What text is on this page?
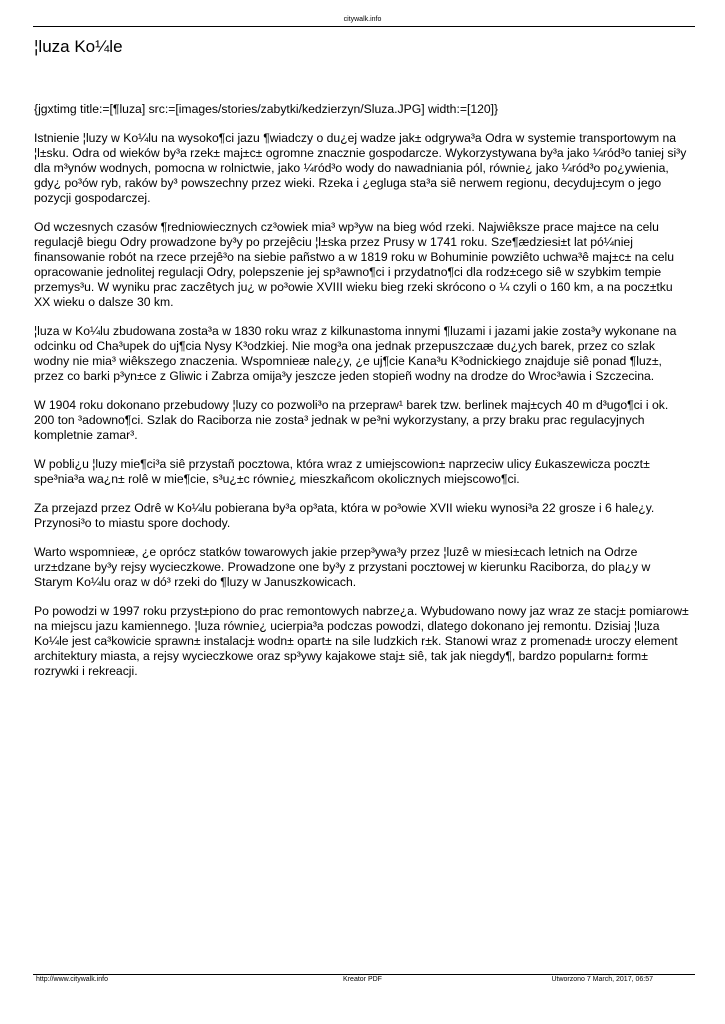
citywalk.info
¦luza Ko¼le

{jgxtimg title:=[¶luza] src:=[images/stories/zabytki/kedzierzyn/Sluza.JPG] width:=[120]}

Istnienie ¦luzy w Ko¼lu na wysoko¶ci jazu ¶wiadczy o du¿ej wadze jak± odgrywa³a Odra w systemie transportowym na ¦l±sku. Odra od wieków by³a rzek± maj±c± ogromne znacznie gospodarcze. Wykorzystywana by³a jako ¼ród³o taniej si³y dla m³ynów wodnych, pomocna w rolnictwie, jako ¼ród³o wody do nawadniania pól, równie¿ jako ¼ród³o po¿ywienia, gdy¿ po³ów ryb, raków by³ powszechny przez wieki. Rzeka i ¿egluga sta³a siê nerwem regionu, decyduj±cym o jego pozycji gospodarczej.

Od wczesnych czasów ¶redniowiecznych cz³owiek mia³ wp³yw na bieg wód rzeki. Najwiêksze prace maj±ce na celu regulacjê biegu Odry prowadzone by³y po przejêciu ¦l±ska przez Prusy w 1741 roku. Sze¶ædziesi±t lat pó¼niej finansowanie robót na rzece przejê³o na siebie pañstwo a w 1819 roku w Bohuminie powziêto uchwa³ê maj±c± na celu opracowanie jednolitej regulacji Odry, polepszenie jej sp³awno¶ci i przydatno¶ci dla rodz±cego siê w szybkim tempie przemys³u. W wyniku prac zaczêtych ju¿ w po³owie XVIII wieku bieg rzeki skrócono o ¼ czyli o 160 km, a na pocz±tku XX wieku o dalsze 30 km.

¦luza w Ko¼lu zbudowana zosta³a w 1830 roku wraz z kilkunastoma innymi ¶luzami i jazami jakie zosta³y wykonane na odcinku od Cha³upek do uj¶cia Nysy K³odzkiej. Nie mog³a ona jednak przepuszczaæ du¿ych barek, przez co szlak wodny nie mia³ wiêkszego znaczenia. Wspomnieæ nale¿y, ¿e uj¶cie Kana³u K³odnickiego znajduje siê ponad ¶luz±, przez co barki p³yn±ce z Gliwic i Zabrza omija³y jeszcze jeden stopieñ wodny na drodze do Wroc³awia i Szczecina.

W 1904 roku dokonano przebudowy ¦luzy co pozwoli³o na przepraw¹ barek tzw. berlinek maj±cych 40 m d³ugo¶ci i ok. 200 ton ³adowno¶ci. Szlak do Raciborza nie zosta³ jednak w pe³ni wykorzystany, a przy braku prac regulacyjnych kompletnie zamar³.

W pobli¿u ¦luzy mie¶ci³a siê przystañ pocztowa, która wraz z umiejscowion± naprzeciw ulicy £ukaszewicza poczt± spe³nia³a wa¿n± rolê w mie¶cie, s³u¿±c równie¿ mieszkañcom okolicznych miejscowo¶ci.

Za przejazd przez Odrê w Ko¼lu pobierana by³a op³ata, która w po³owie XVII wieku wynosi³a 22 grosze i 6 hale¿y. Przynosi³o to miastu spore dochody.

Warto wspomnieæ, ¿e oprócz statków towarowych jakie przep³ywa³y przez ¦luzê w miesi±cach letnich na Odrze urz±dzane by³y rejsy wycieczkowe. Prowadzone one by³y z przystani pocztowej w kierunku Raciborza, do pla¿y w Starym Ko¼lu oraz w dó³ rzeki do ¶luzy w Januszkowicach.

Po powodzi w 1997 roku przyst±piono do prac remontowych nabrze¿a. Wybudowano nowy jaz wraz ze stacj± pomiarow± na miejscu jazu kamiennego. ¦luza równie¿ ucierpia³a podczas powodzi, dlatego dokonano jej remontu. Dzisiaj ¦luza Ko¼le jest ca³kowicie sprawn± instalacj± wodn± opart± na sile ludzkich r±k. Stanowi wraz z promenad± uroczy element architektury miasta, a rejsy wycieczkowe oraz sp³ywy kajakowe staj± siê, tak jak niegdy¶, bardzo popularn± form± rozrywki i rekreacji.

http://www.citywalk.info	Kreator PDF	Utworzono 7 March, 2017, 06:57
